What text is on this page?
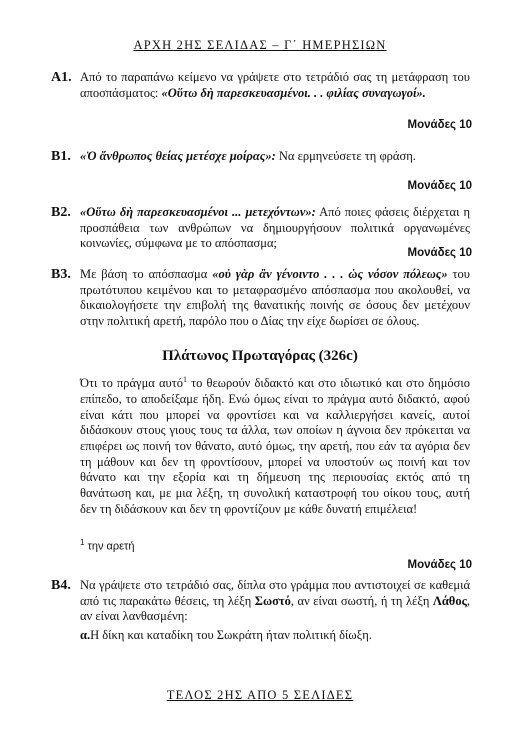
ΑΡΧΗ 2ΗΣ ΣΕΛΙΔΑΣ – Γ΄ ΗΜΕΡΗΣΙΩΝ
Α1. Από το παραπάνω κείμενο να γράψετε στο τετράδιό σας τη μετάφραση του αποσπάσματος: «Οὕτω δὴ παρεσκευασμένοι. . . φιλίας συναγωγοί».
Μονάδες 10
Β1. «Ὁ ἄνθρωπος θείας μετέσχε μοίρας»: Να ερμηνεύσετε τη φράση.
Μονάδες 10
Β2. «Οὕτω δὴ παρεσκευασμένοι ... μετεχόντων»: Από ποιες φάσεις διέρχεται η προσπάθεια των ανθρώπων να δημιουργήσουν πολιτικά οργανωμένες κοινωνίες, σύμφωνα με το απόσπασμα;
Μονάδες 10
Β3. Με βάση το απόσπασμα «οὐ γὰρ ἂν γένοιντο . . . ὡς νόσον πόλεως» του πρωτότυπου κειμένου και το μεταφρασμένο απόσπασμα που ακολουθεί, να δικαιολογήσετε την επιβολή της θανατικής ποινής σε όσους δεν μετέχουν στην πολιτική αρετή, παρόλο που ο Δίας την είχε δωρίσει σε όλους.
Πλάτωνος Πρωταγόρας (326c)
Ότι το πράγμα αυτό$^1$ το θεωρούν διδακτό και στο ιδιωτικό και στο δημόσιο επίπεδο, το αποδείξαμε ήδη. Ενώ όμως είναι το πράγμα αυτό διδακτό, αφού είναι κάτι που μπορεί να φροντίσει και να καλλιεργήσει κανείς, αυτοί διδάσκουν στους γιους τους τα άλλα, των οποίων η άγνοια δεν πρόκειται να επιφέρει ως ποινή τον θάνατο, αυτό όμως, την αρετή, που εάν τα αγόρια δεν τη μάθουν και δεν τη φροντίσουν, μπορεί να υποστούν ως ποινή και τον θάνατο και την εξορία και τη δήμευση της περιουσίας εκτός από τη θανάτωση και, με μια λέξη, τη συνολική καταστροφή του οίκου τους, αυτή δεν τη διδάσκουν και δεν τη φροντίζουν με κάθε δυνατή επιμέλεια!
$^1$ την αρετή
Μονάδες 10
Β4. Να γράψετε στο τετράδιό σας, δίπλα στο γράμμα που αντιστοιχεί σε καθεμιά από τις παρακάτω θέσεις, τη λέξη Σωστό, αν είναι σωστή, ή τη λέξη Λάθος, αν είναι λανθασμένη:
α.Η δίκη και καταδίκη του Σωκράτη ήταν πολιτική δίωξη.
ΤΕΛΟΣ 2ΗΣ ΑΠΟ 5 ΣΕΛΙΔΕΣ
